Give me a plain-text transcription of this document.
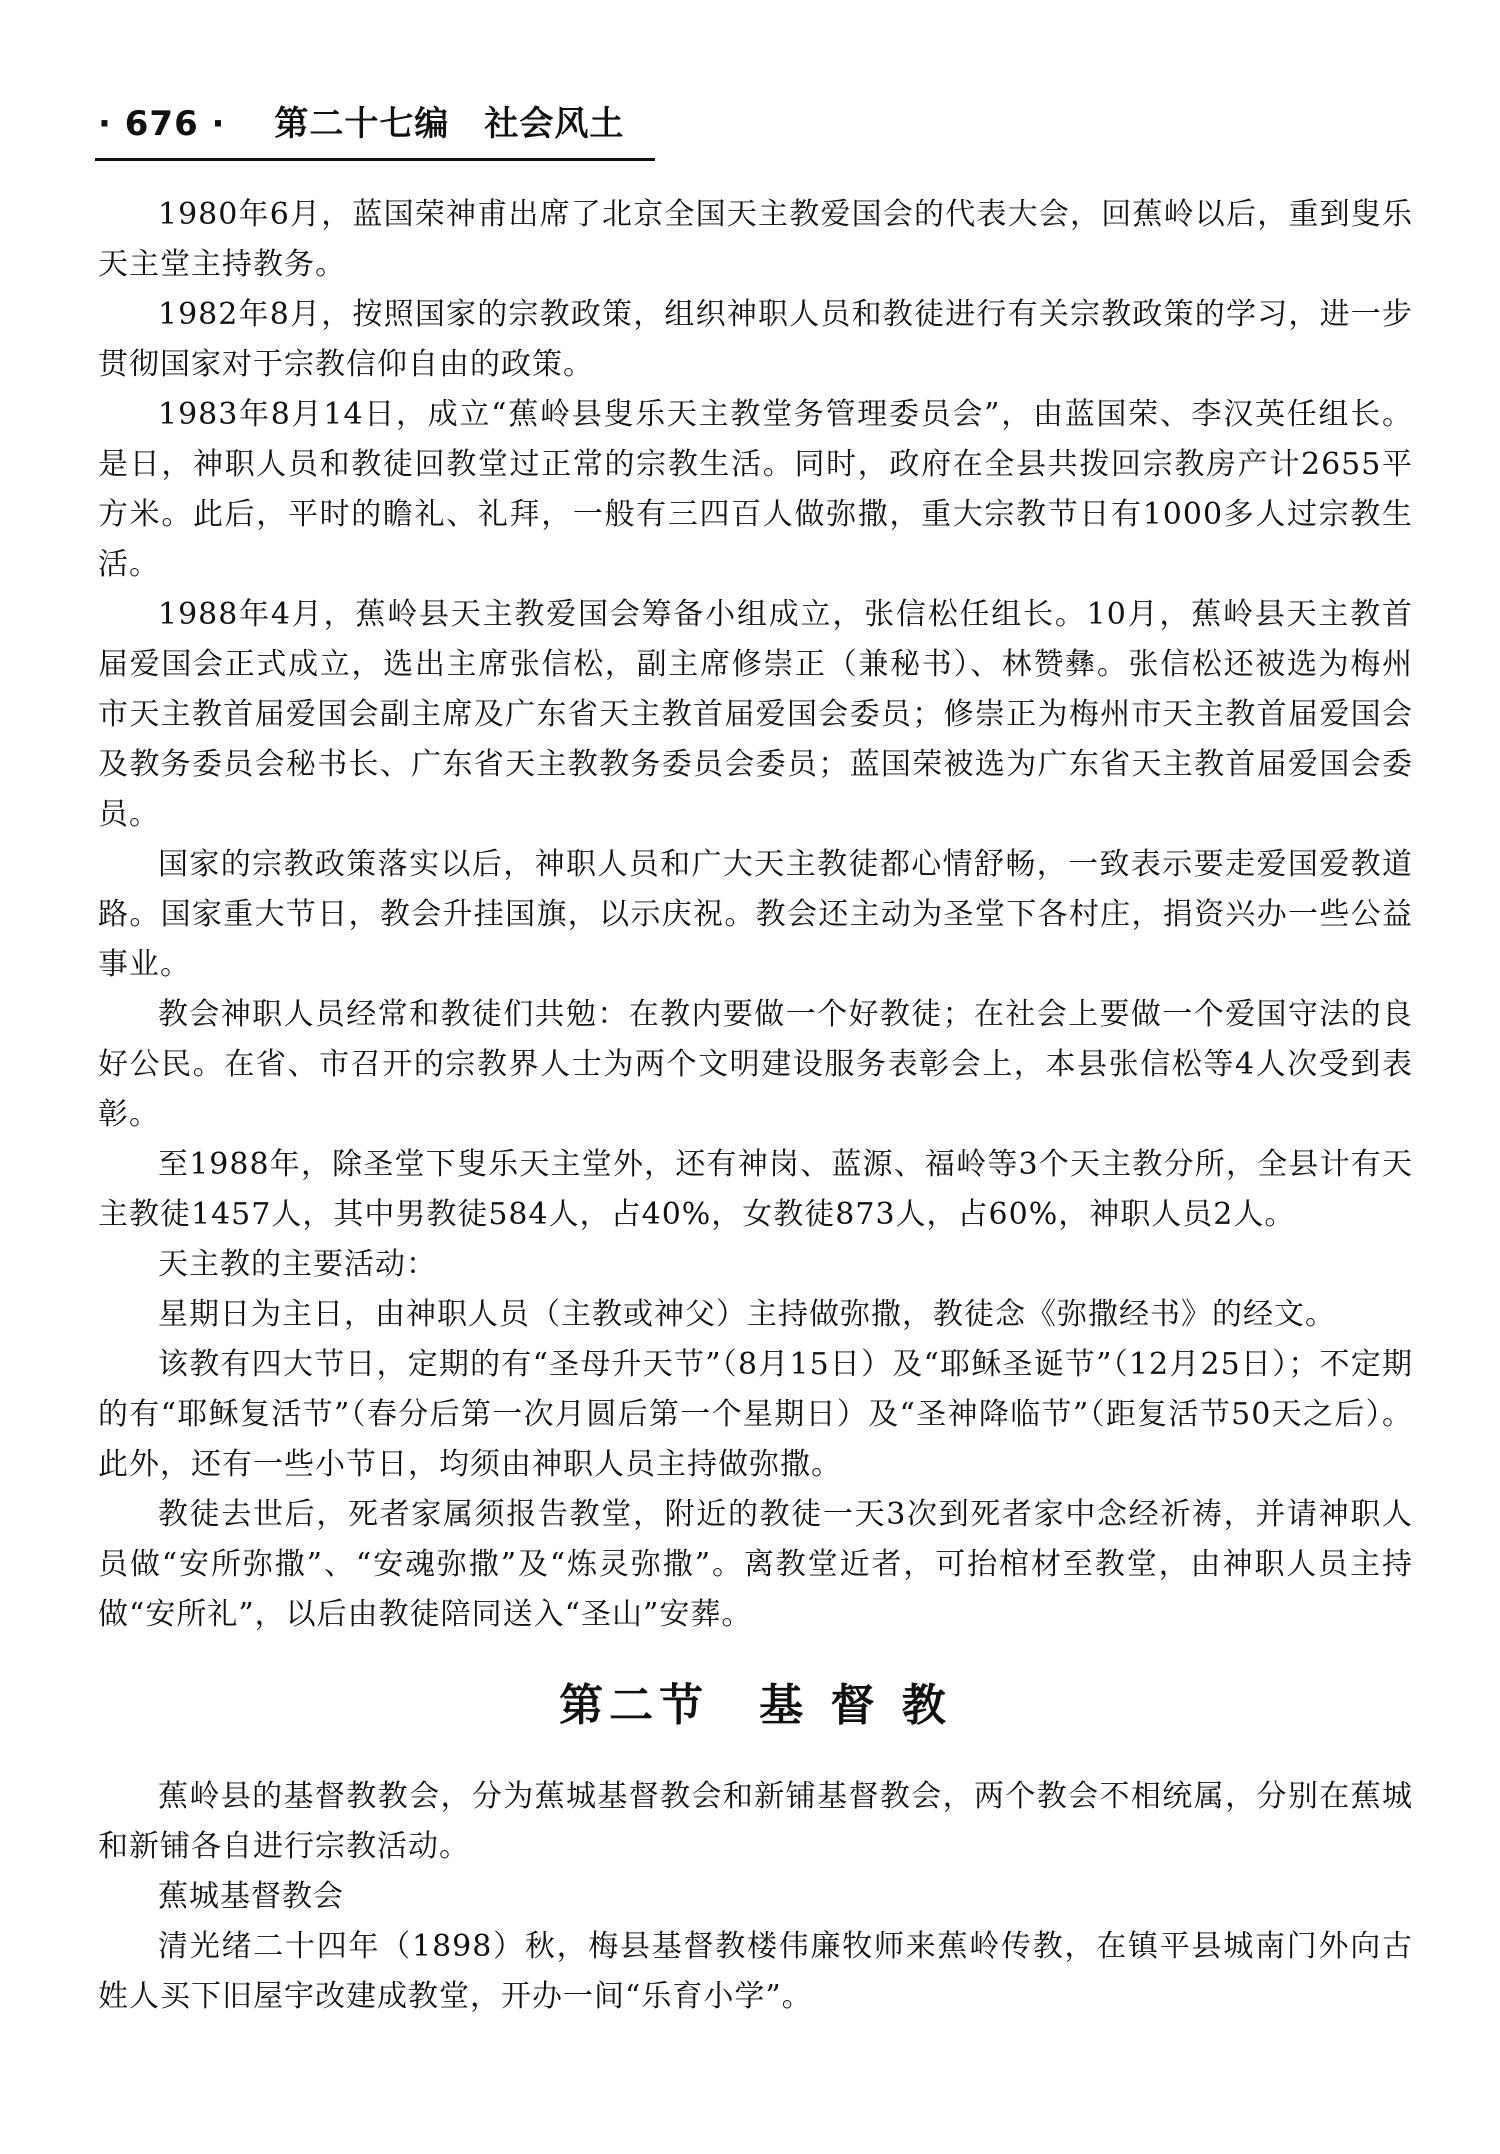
· 676 · 第二十七编　社会风土

1980年6月，蓝国荣神甫出席了北京全国天主教爱国会的代表大会，回蕉岭以后，重到叟乐天主堂主持教务。

1982年8月，按照国家的宗教政策，组织神职人员和教徒进行有关宗教政策的学习，进一步贯彻国家对于宗教信仰自由的政策。

1983年8月14日，成立“蕉岭县叟乐天主教堂务管理委员会”，由蓝国荣、李汉英任组长。是日，神职人员和教徒回教堂过正常的宗教生活。同时，政府在全县共拨回宗教房产计2655平方米。此后，平时的瞻礼、礼拜，一般有三四百人做弥撒，重大宗教节日有1000多人过宗教生活。

1988年4月，蕉岭县天主教爱国会筹备小组成立，张信松任组长。10月，蕉岭县天主教首届爱国会正式成立，选出主席张信松，副主席修崇正（兼秘书）、林赞彝。张信松还被选为梅州市天主教首届爱国会副主席及广东省天主教首届爱国会委员；修崇正为梅州市天主教首届爱国会及教务委员会秘书长、广东省天主教教务委员会委员；蓝国荣被选为广东省天主教首届爱国会委员。

国家的宗教政策落实以后，神职人员和广大天主教徒都心情舒畅，一致表示要走爱国爱教道路。国家重大节日，教会升挂国旗，以示庆祝。教会还主动为圣堂下各村庄，捐资兴办一些公益事业。

教会神职人员经常和教徒们共勉：在教内要做一个好教徒；在社会上要做一个爱国守法的良好公民。在省、市召开的宗教界人士为两个文明建设服务表彰会上，本县张信松等4人次受到表彰。

至1988年，除圣堂下叟乐天主堂外，还有神岗、蓝源、福岭等3个天主教分所，全县计有天主教徒1457人，其中男教徒584人，占40%，女教徒873人，占60%，神职人员2人。

天主教的主要活动：

星期日为主日，由神职人员（主教或神父）主持做弥撒，教徒念《弥撒经书》的经文。

该教有四大节日，定期的有“圣母升天节”（8月15日）及“耶稣圣诞节”（12月25日）；不定期的有“耶稣复活节”（春分后第一次月圆后第一个星期日）及“圣神降临节”（距复活节50天之后）。此外，还有一些小节日，均须由神职人员主持做弥撒。

教徒去世后，死者家属须报告教堂，附近的教徒一天3次到死者家中念经祈祷，并请神职人员做“安所弥撒”、“安魂弥撒”及“炼灵弥撒”。离教堂近者，可抬棺材至教堂，由神职人员主持做“安所礼”，以后由教徒陪同送入“圣山”安葬。

第二节　基 督 教

蕉岭县的基督教教会，分为蕉城基督教会和新铺基督教会，两个教会不相统属，分别在蕉城和新铺各自进行宗教活动。

蕉城基督教会

清光绪二十四年（1898）秋，梅县基督教楼伟廉牧师来蕉岭传教，在镇平县城南门外向古姓人买下旧屋宇改建成教堂，开办一间“乐育小学”。
